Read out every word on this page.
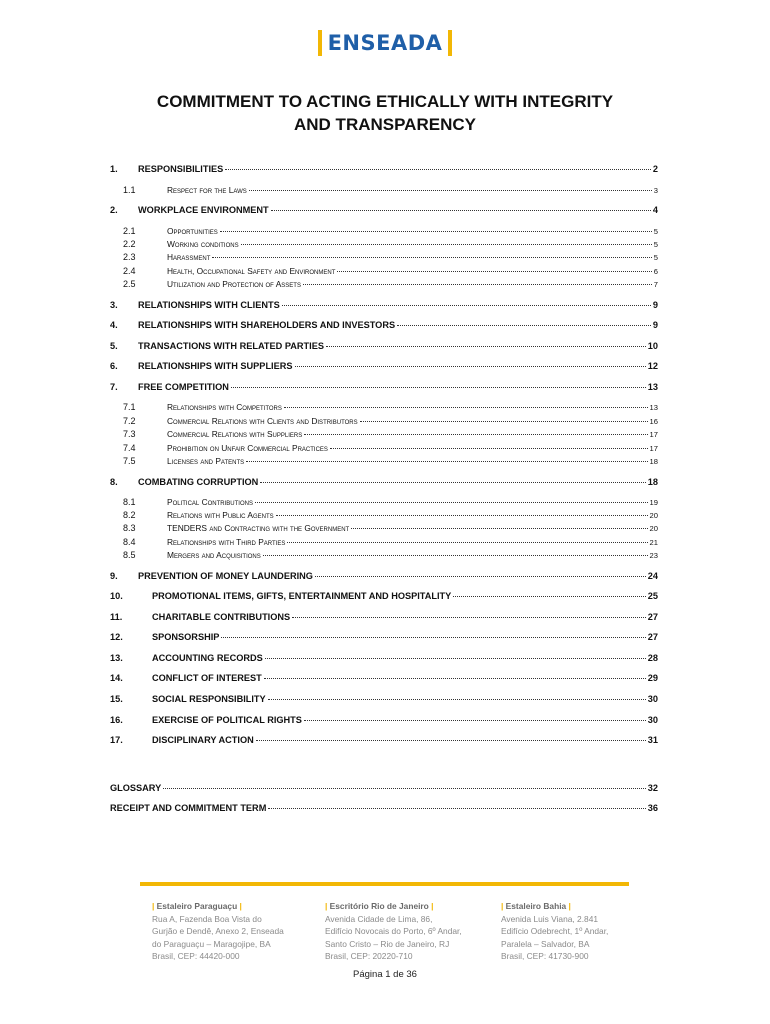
ENSEADA
COMMITMENT TO ACTING ETHICALLY WITH INTEGRITY
AND TRANSPARENCY
1.	RESPONSIBILITIES	2
1.1	Respect for the Laws	3
2.	WORKPLACE ENVIRONMENT	4
2.1	Opportunities	5
2.2	Working conditions	5
2.3	Harassment	5
2.4	Health, Occupational Safety and Environment	6
2.5	Utilization and Protection of Assets	7
3.	RELATIONSHIPS WITH CLIENTS	9
4.	RELATIONSHIPS WITH SHAREHOLDERS AND INVESTORS	9
5.	TRANSACTIONS WITH RELATED PARTIES	10
6.	RELATIONSHIPS WITH SUPPLIERS	12
7.	FREE COMPETITION	13
7.1	Relationships with Competitors	13
7.2	Commercial Relations with Clients and Distributors	16
7.3	Commercial Relations with Suppliers	17
7.4	Prohibition on Unfair Commercial Practices	17
7.5	Licenses and Patents	18
8.	COMBATING CORRUPTION	18
8.1	Political Contributions	19
8.2	Relations with Public Agents	20
8.3	TENDERS and Contracting with the Government	20
8.4	Relationships with Third Parties	21
8.5	Mergers and Acquisitions	23
9.	PREVENTION OF MONEY LAUNDERING	24
10.	PROMOTIONAL ITEMS, GIFTS, ENTERTAINMENT AND HOSPITALITY	25
11.	CHARITABLE CONTRIBUTIONS	27
12.	SPONSORSHIP	27
13.	ACCOUNTING RECORDS	28
14.	CONFLICT OF INTEREST	29
15.	SOCIAL RESPONSIBILITY	30
16.	EXERCISE OF POLITICAL RIGHTS	30
17.	DISCIPLINARY ACTION	31
GLOSSARY	32
RECEIPT AND COMMITMENT TERM	36
| Estaleiro Paraguaçu |
Rua A, Fazenda Boa Vista do
Gurjão e Dendê, Anexo 2, Enseada
do Paraguaçu – Maragojipe, BA
Brasil, CEP: 44420-000
| Escritório Rio de Janeiro |
Avenida Cidade de Lima, 86,
Edifício Novocais do Porto, 6º Andar,
Santo Cristo – Rio de Janeiro, RJ
Brasil, CEP: 20220-710
| Estaleiro Bahia |
Avenida Luis Viana, 2.841
Edifício Odebrecht, 1º Andar,
Paralela – Salvador, BA
Brasil, CEP: 41730-900
Página 1 de 36
